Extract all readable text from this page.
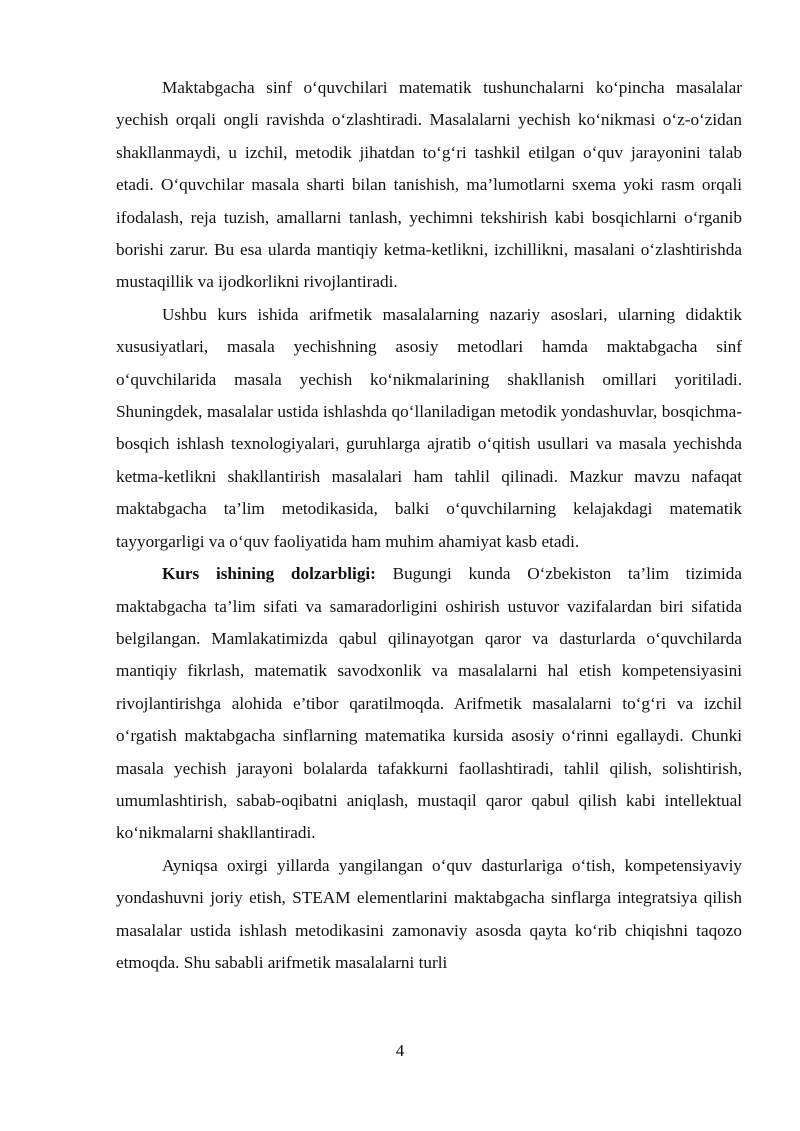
Maktabgacha sinf o‘quvchilari matematik tushunchalarni ko‘pincha masalalar yechish orqali ongli ravishda o‘zlashtiradi. Masalalarni yechish ko‘nikmasi o‘z-o‘zidan shakllanmaydi, u izchil, metodik jihatdan to‘g‘ri tashkil etilgan o‘quv jarayonini talab etadi. O‘quvchilar masala sharti bilan tanishish, ma’lumotlarni sxema yoki rasm orqali ifodalash, reja tuzish, amallarni tanlash, yechimni tekshirish kabi bosqichlarni o‘rganib borishi zarur. Bu esa ularda mantiqiy ketma-ketlikni, izchillikni, masalani o‘zlashtirishda mustaqillik va ijodkorlikni rivojlantiradi.

Ushbu kurs ishida arifmetik masalalarning nazariy asoslari, ularning didaktik xususiyatlari, masala yechishning asosiy metodlari hamda maktabgacha sinf o‘quvchilarida masala yechish ko‘nikmalarining shakllanish omillari yoritiladi. Shuningdek, masalalar ustida ishlashda qo‘llaniladigan metodik yondashuvlar, bosqichma-bosqich ishlash texnologiyalari, guruhlarga ajratib o‘qitish usullari va masala yechishda ketma-ketlikni shakllantirish masalalari ham tahlil qilinadi. Mazkur mavzu nafaqat maktabgacha ta’lim metodikasida, balki o‘quvchilarning kelajakdagi matematik tayyorgarligi va o‘quv faoliyatida ham muhim ahamiyat kasb etadi.

Kurs ishining dolzarbligi: Bugungi kunda O‘zbekiston ta’lim tizimida maktabgacha ta’lim sifati va samaradorligini oshirish ustuvor vazifalardan biri sifatida belgilangan. Mamlakatimizda qabul qilinayotgan qaror va dasturlarda o‘quvchilarda mantiqiy fikrlash, matematik savodxonlik va masalalarni hal etish kompetensiyasini rivojlantirishga alohida e’tibor qaratilmoqda. Arifmetik masalalarni to‘g‘ri va izchil o‘rgatish maktabgacha sinflarning matematika kursida asosiy o‘rinni egallaydi. Chunki masala yechish jarayoni bolalarda tafakkurni faollashtiradi, tahlil qilish, solishtirish, umumlashtirish, sabab-oqibatni aniqlash, mustaqil qaror qabul qilish kabi intellektual ko‘nikmalarni shakllantiradi.

Ayniqsa oxirgi yillarda yangilangan o‘quv dasturlariga o‘tish, kompetensiyaviy yondashuvni joriy etish, STEAM elementlarini maktabgacha sinflarga integratsiya qilish masalalar ustida ishlash metodikasini zamonaviy asosda qayta ko‘rib chiqishni taqozo etmoqda. Shu sababli arifmetik masalalarni turli

4
